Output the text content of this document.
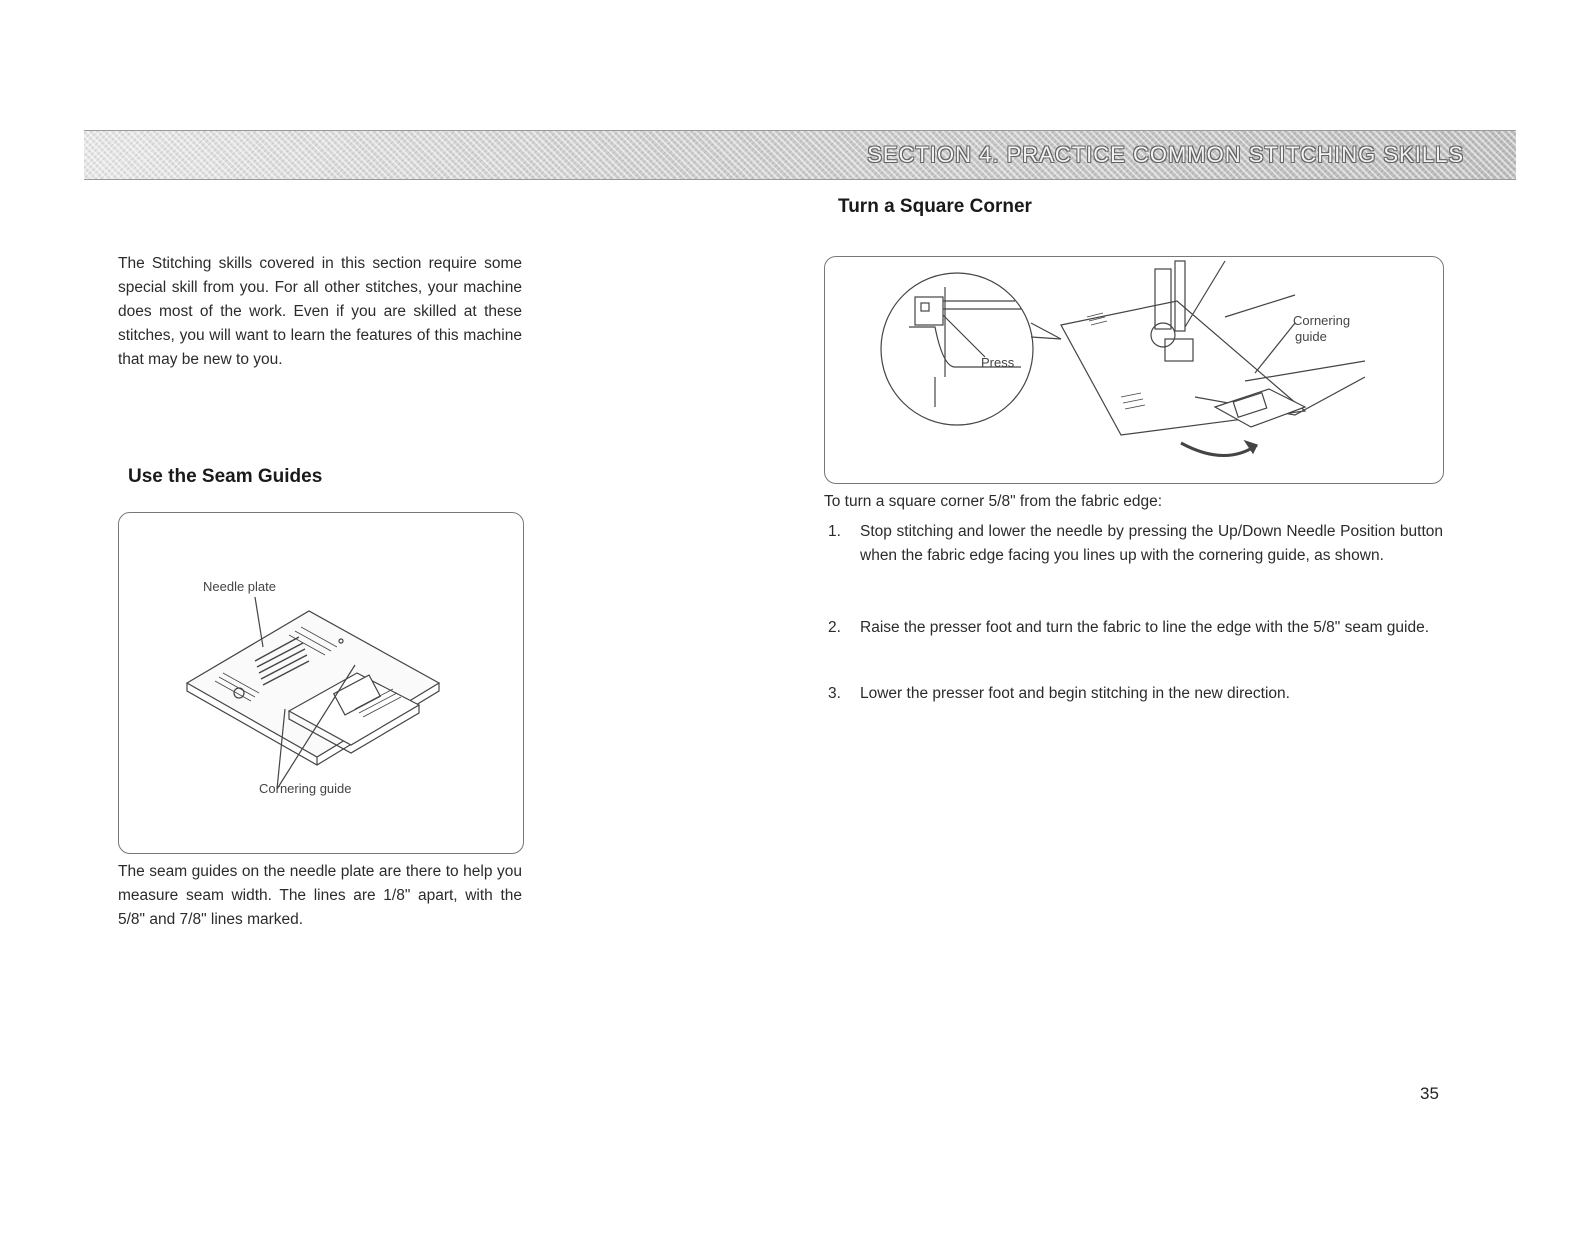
SECTION 4. PRACTICE COMMON STITCHING SKILLS
The Stitching skills covered in this section require some special skill from you. For all other stitches, your machine does most of the work. Even if you are skilled at these stitches, you will want to learn the features of this machine that may be new to you.
Use the Seam Guides
Needle plate
Cornering guide
The seam guides on the needle plate are there to help you measure seam width. The lines are 1/8" apart, with the 5/8" and 7/8" lines marked.
Turn a Square Corner
Press
Cornering
guide
To turn a square corner 5/8" from the fabric edge:
1. Stop stitching and lower the needle by pressing the Up/Down Needle Position button when the fabric edge facing you lines up with the cornering guide, as shown.
2. Raise the presser foot and turn the fabric to line the edge with the 5/8" seam guide.
3. Lower the presser foot and begin stitching in the new direction.
35
